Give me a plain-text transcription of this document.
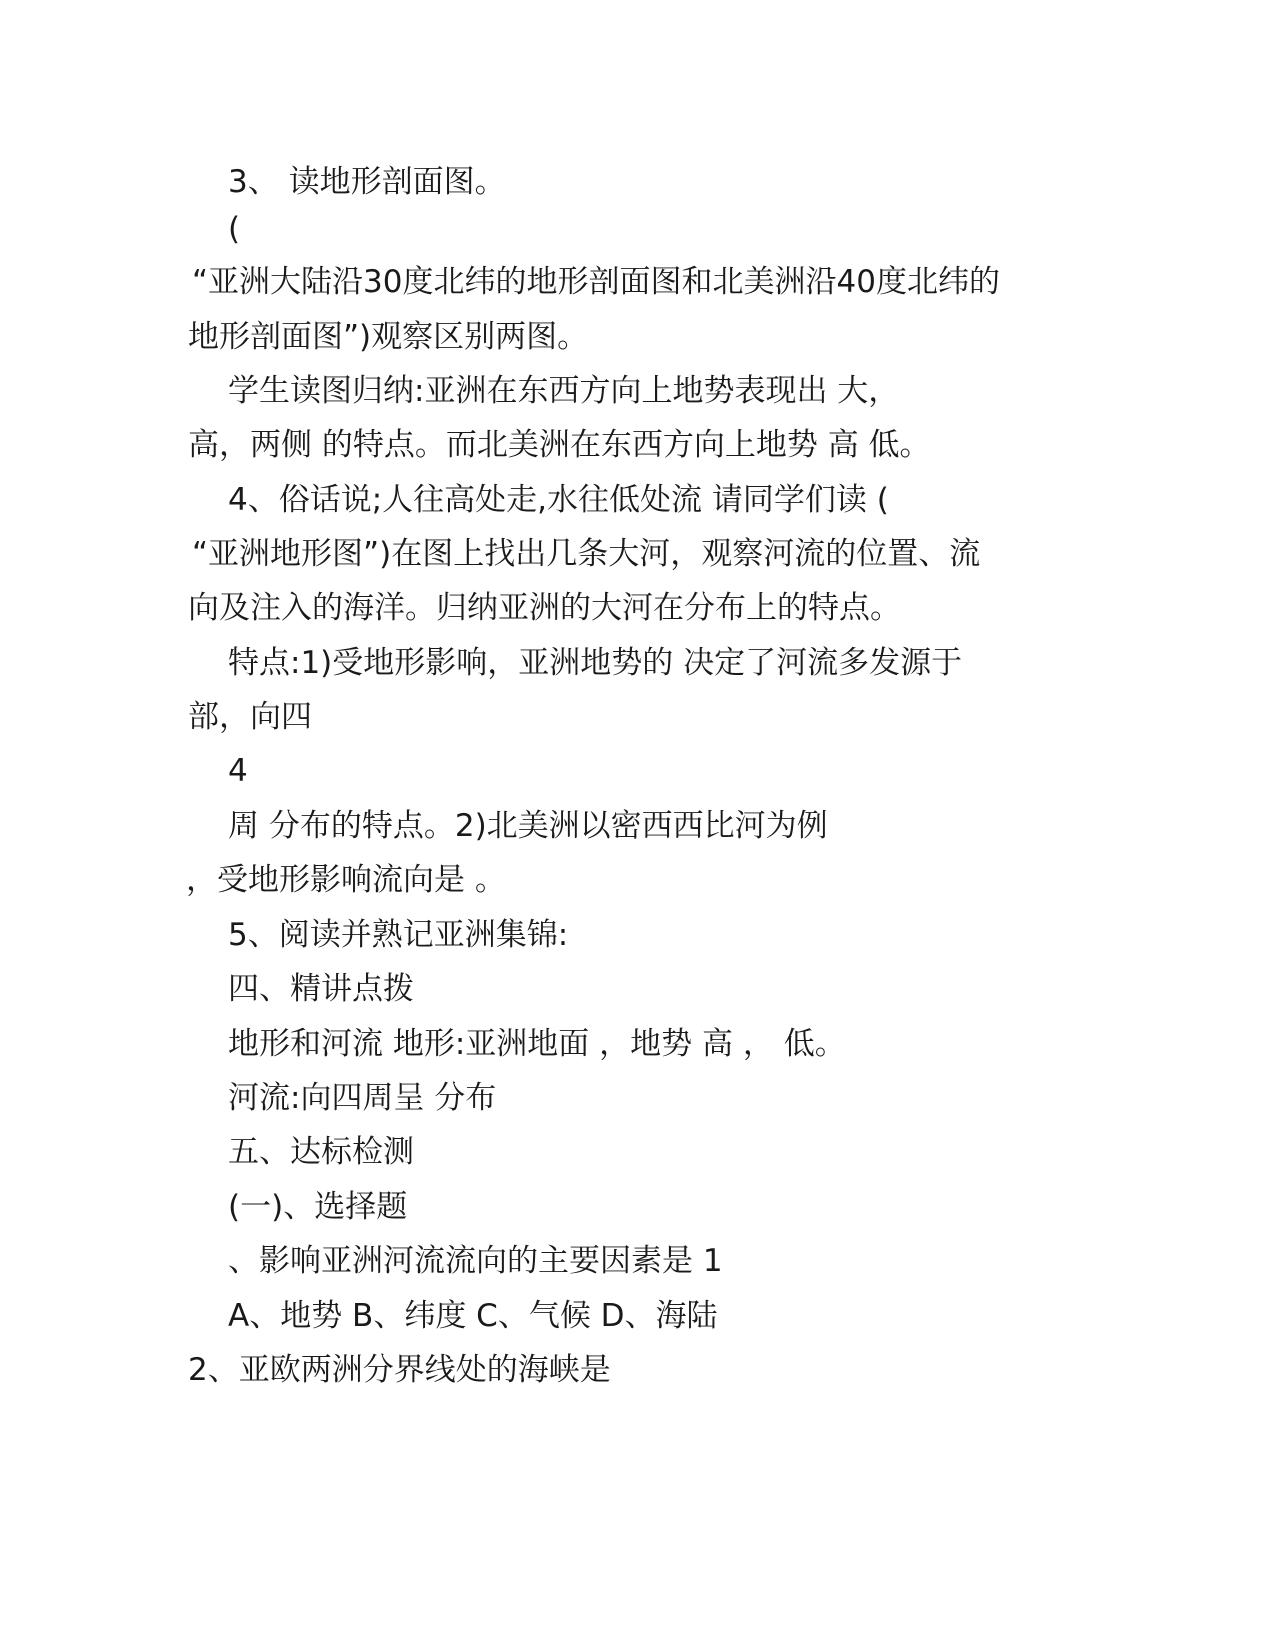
3、 读地形剖面图。
(
“亚洲大陆沿30度北纬的地形剖面图和北美洲沿40度北纬的
地形剖面图”)观察区别两图。
学生读图归纳:亚洲在东西方向上地势表现出 大，
高，两侧 的特点。而北美洲在东西方向上地势 高 低。
4、俗话说;人往高处走,水往低处流 请同学们读 (
“亚洲地形图”)在图上找出几条大河，观察河流的位置、流
向及注入的海洋。归纳亚洲的大河在分布上的特点。
特点:1)受地形影响，亚洲地势的 决定了河流多发源于
部，向四
4
周 分布的特点。2)北美洲以密西西比河为例
，受地形影响流向是 。
5、阅读并熟记亚洲集锦:
四、精讲点拨
地形和河流 地形:亚洲地面 ，地势 高 ， 低。
河流:向四周呈 分布
五、达标检测
(一)、选择题
、影响亚洲河流流向的主要因素是 1
A、地势 B、纬度 C、气候 D、海陆
2、亚欧两洲分界线处的海峡是
